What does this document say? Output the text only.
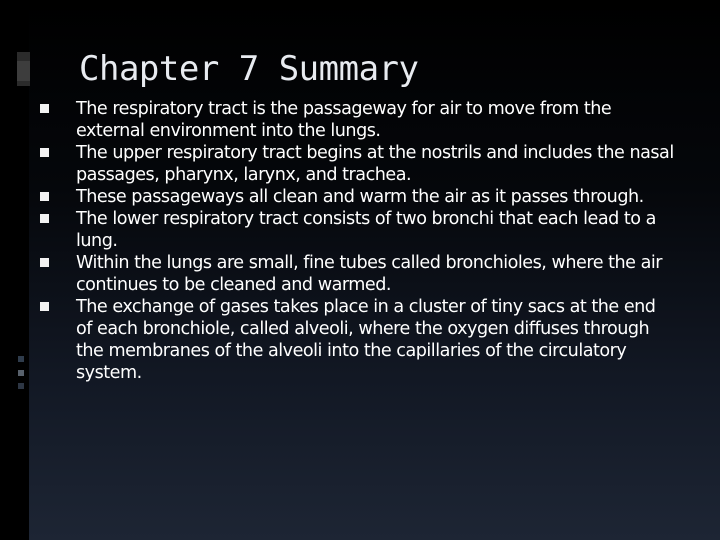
Chapter 7 Summary
The respiratory tract is the passageway for air to move from the external environment into the lungs.
The upper respiratory tract begins at the nostrils and includes the nasal passages, pharynx, larynx, and trachea.
These passageways all clean and warm the air as it passes through.
The lower respiratory tract consists of two bronchi that each lead to a lung.
Within the lungs are small, fine tubes called bronchioles, where the air continues to be cleaned and warmed.
The exchange of gases takes place in a cluster of tiny sacs at the end of each bronchiole, called alveoli, where the oxygen diffuses through the membranes of the alveoli into the capillaries of the circulatory system.
